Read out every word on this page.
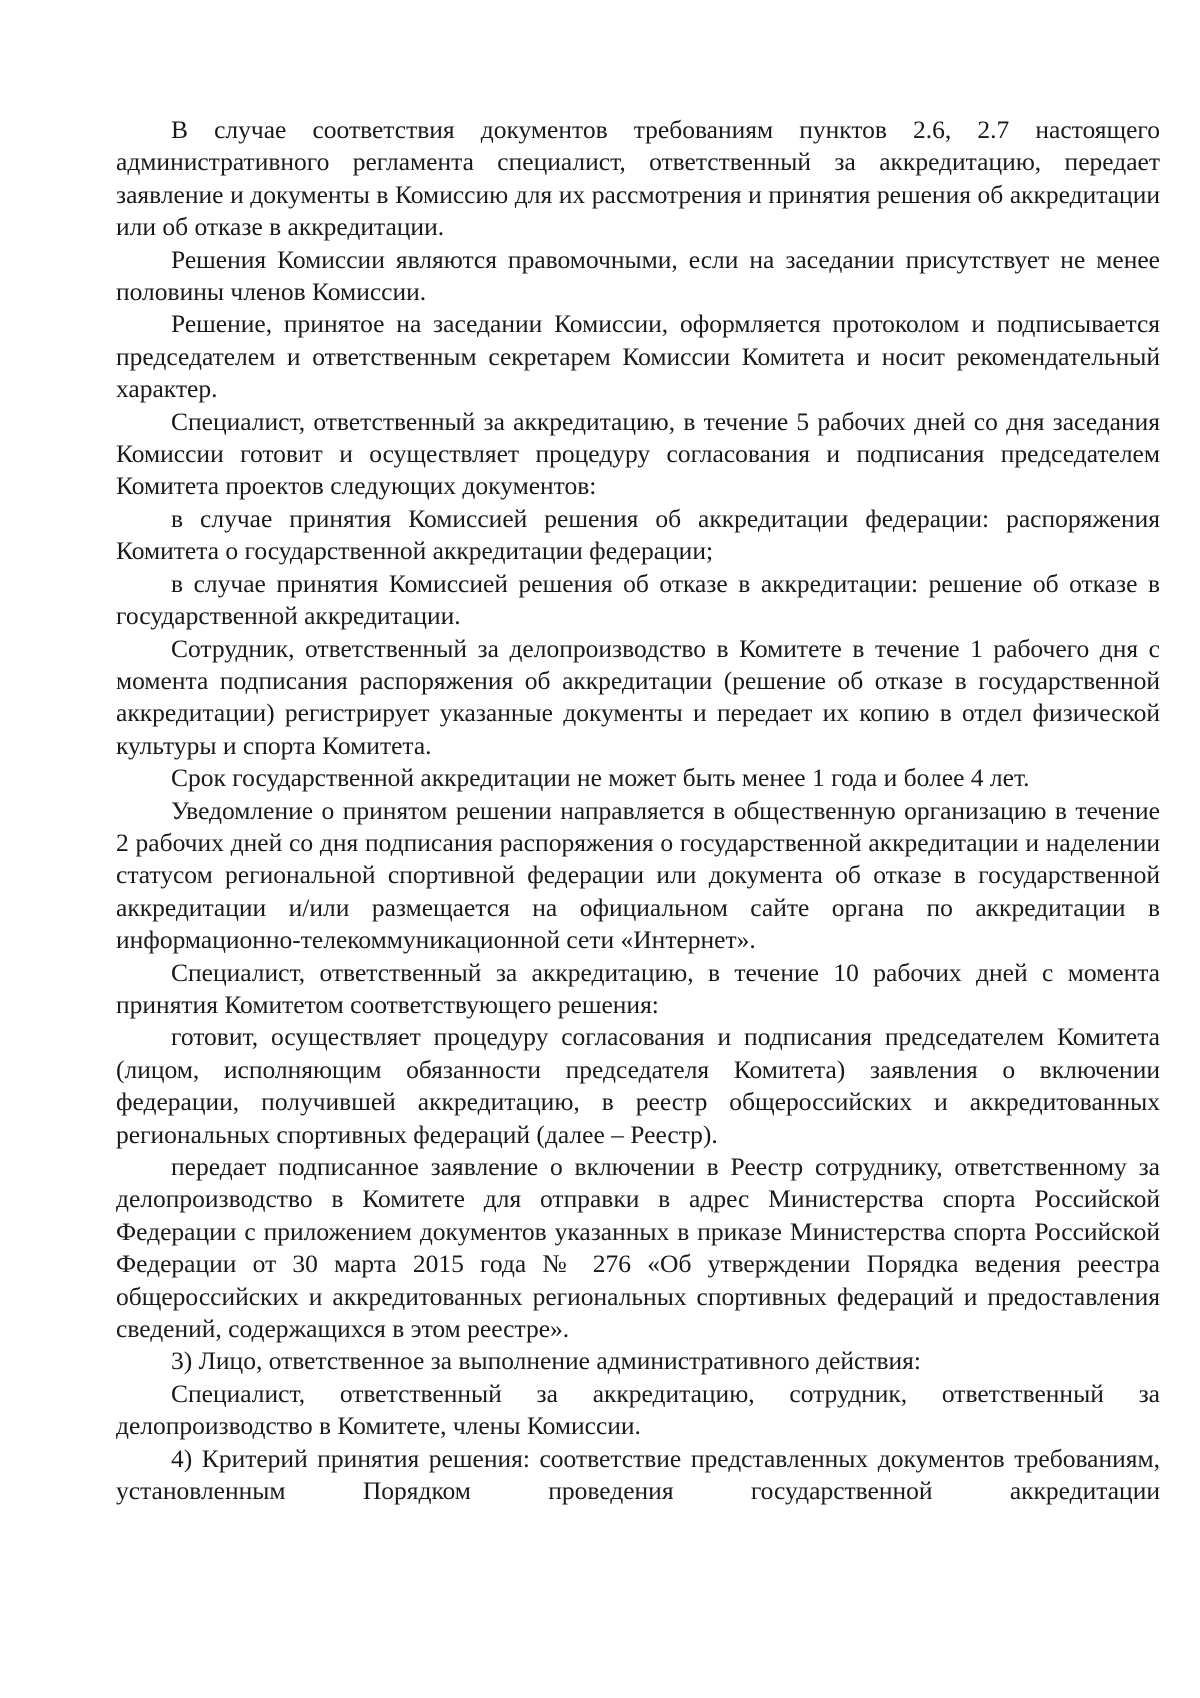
В случае соответствия документов требованиям пунктов 2.6, 2.7 настоящего административного регламента специалист, ответственный за аккредитацию, передает заявление и документы в Комиссию для их рассмотрения и принятия решения об аккредитации или об отказе в аккредитации.

Решения Комиссии являются правомочными, если на заседании присутствует не менее половины членов Комиссии.

Решение, принятое на заседании Комиссии, оформляется протоколом и подписывается председателем и ответственным секретарем Комиссии Комитета и носит рекомендательный характер.

Специалист, ответственный за аккредитацию, в течение 5 рабочих дней со дня заседания Комиссии готовит и осуществляет процедуру согласования и подписания председателем Комитета проектов следующих документов:

в случае принятия Комиссией решения об аккредитации федерации: распоряжения Комитета о государственной аккредитации федерации;

в случае принятия Комиссией решения об отказе в аккредитации: решение об отказе в государственной аккредитации.

Сотрудник, ответственный за делопроизводство в Комитете в течение 1 рабочего дня с момента подписания распоряжения об аккредитации (решение об отказе в государственной аккредитации) регистрирует указанные документы и передает их копию в отдел физической культуры и спорта Комитета.

Срок государственной аккредитации не может быть менее 1 года и более 4 лет.

Уведомление о принятом решении направляется в общественную организацию в течение 2 рабочих дней со дня подписания распоряжения о государственной аккредитации и наделении статусом региональной спортивной федерации или документа об отказе в государственной аккредитации и/или размещается на официальном сайте органа по аккредитации в информационно-телекоммуникационной сети «Интернет».

Специалист, ответственный за аккредитацию, в течение 10 рабочих дней с момента принятия Комитетом соответствующего решения:

готовит, осуществляет процедуру согласования и подписания председателем Комитета (лицом, исполняющим обязанности председателя Комитета) заявления о включении федерации, получившей аккредитацию, в реестр общероссийских и аккредитованных региональных спортивных федераций (далее – Реестр).

передает подписанное заявление о включении в Реестр сотруднику, ответственному за делопроизводство в Комитете для отправки в адрес Министерства спорта Российской Федерации с приложением документов указанных в приказе Министерства спорта Российской Федерации от 30 марта 2015 года № 276 «Об утверждении Порядка ведения реестра общероссийских и аккредитованных региональных спортивных федераций и предоставления сведений, содержащихся в этом реестре».

3) Лицо, ответственное за выполнение административного действия:

Специалист, ответственный за аккредитацию, сотрудник, ответственный за делопроизводство в Комитете, члены Комиссии.

4) Критерий принятия решения: соответствие представленных документов требованиям, установленным Порядком проведения государственной аккредитации
